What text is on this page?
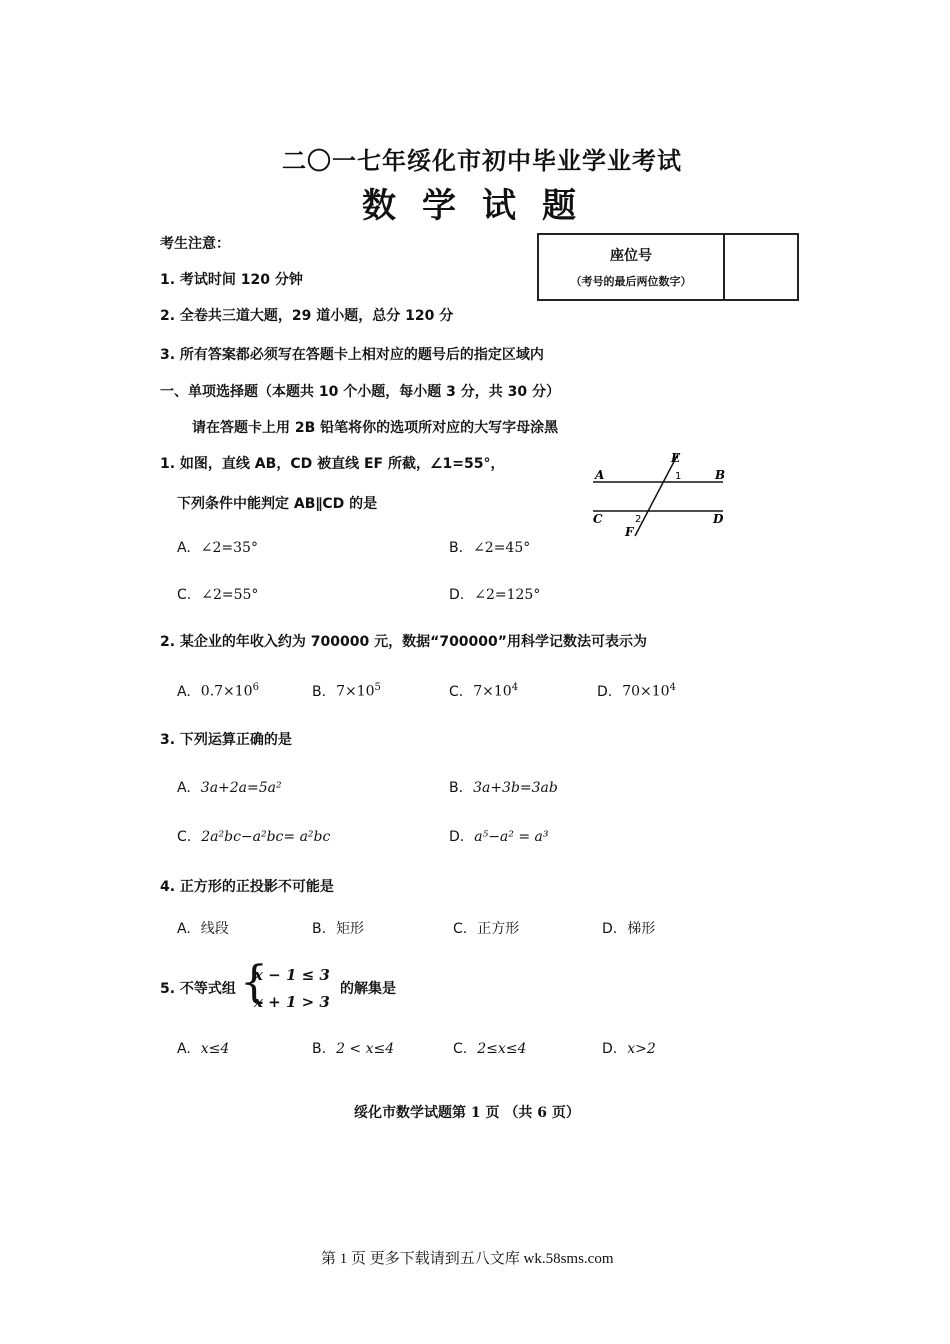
二〇一七年绥化市初中毕业学业考试
数学试题
座位号
（考号的最后两位数字）
考生注意：
1. 考试时间 120 分钟
2. 全卷共三道大题，29 道小题，总分 120 分
3. 所有答案都必须写在答题卡上相对应的题号后的指定区域内
一、单项选择题（本题共 10 个小题，每小题 3 分，共 30 分）
请在答题卡上用 2B 铅笔将你的选项所对应的大写字母涂黑
1. 如图，直线 AB，CD 被直线 EF 所截，∠1=55°，
下列条件中能判定 AB∥CD 的是
A	B
C	D
E
F
1
2
A. ∠2=35°	B. ∠2=45°
C. ∠2=55°	D. ∠2=125°
2. 某企业的年收入约为 700000 元，数据“700000”用科学记数法可表示为
A. $0.7\times 10^6$	B. $7\times 10^5$	C. $7\times 10^4$	D. $70\times 10^4$
3. 下列运算正确的是
A. 3a+2a=5a²	B. 3a+3b=3ab
C. 2a²bc−a²bc= a²bc	D. a⁵−a² = a³
4. 正方形的正投影不可能是
A. 线段	B. 矩形	C. 正方形	D. 梯形
5. 不等式组 {
x − 1 ≤ 3
x + 1 > 3
的解集是
A. x≤4	B. 2 < x≤4	C. 2≤x≤4	D. x>2
绥化市数学试题第 1 页 （共 6 页）
第 1 页 更多下载请到五八文库 wk.58sms.com
